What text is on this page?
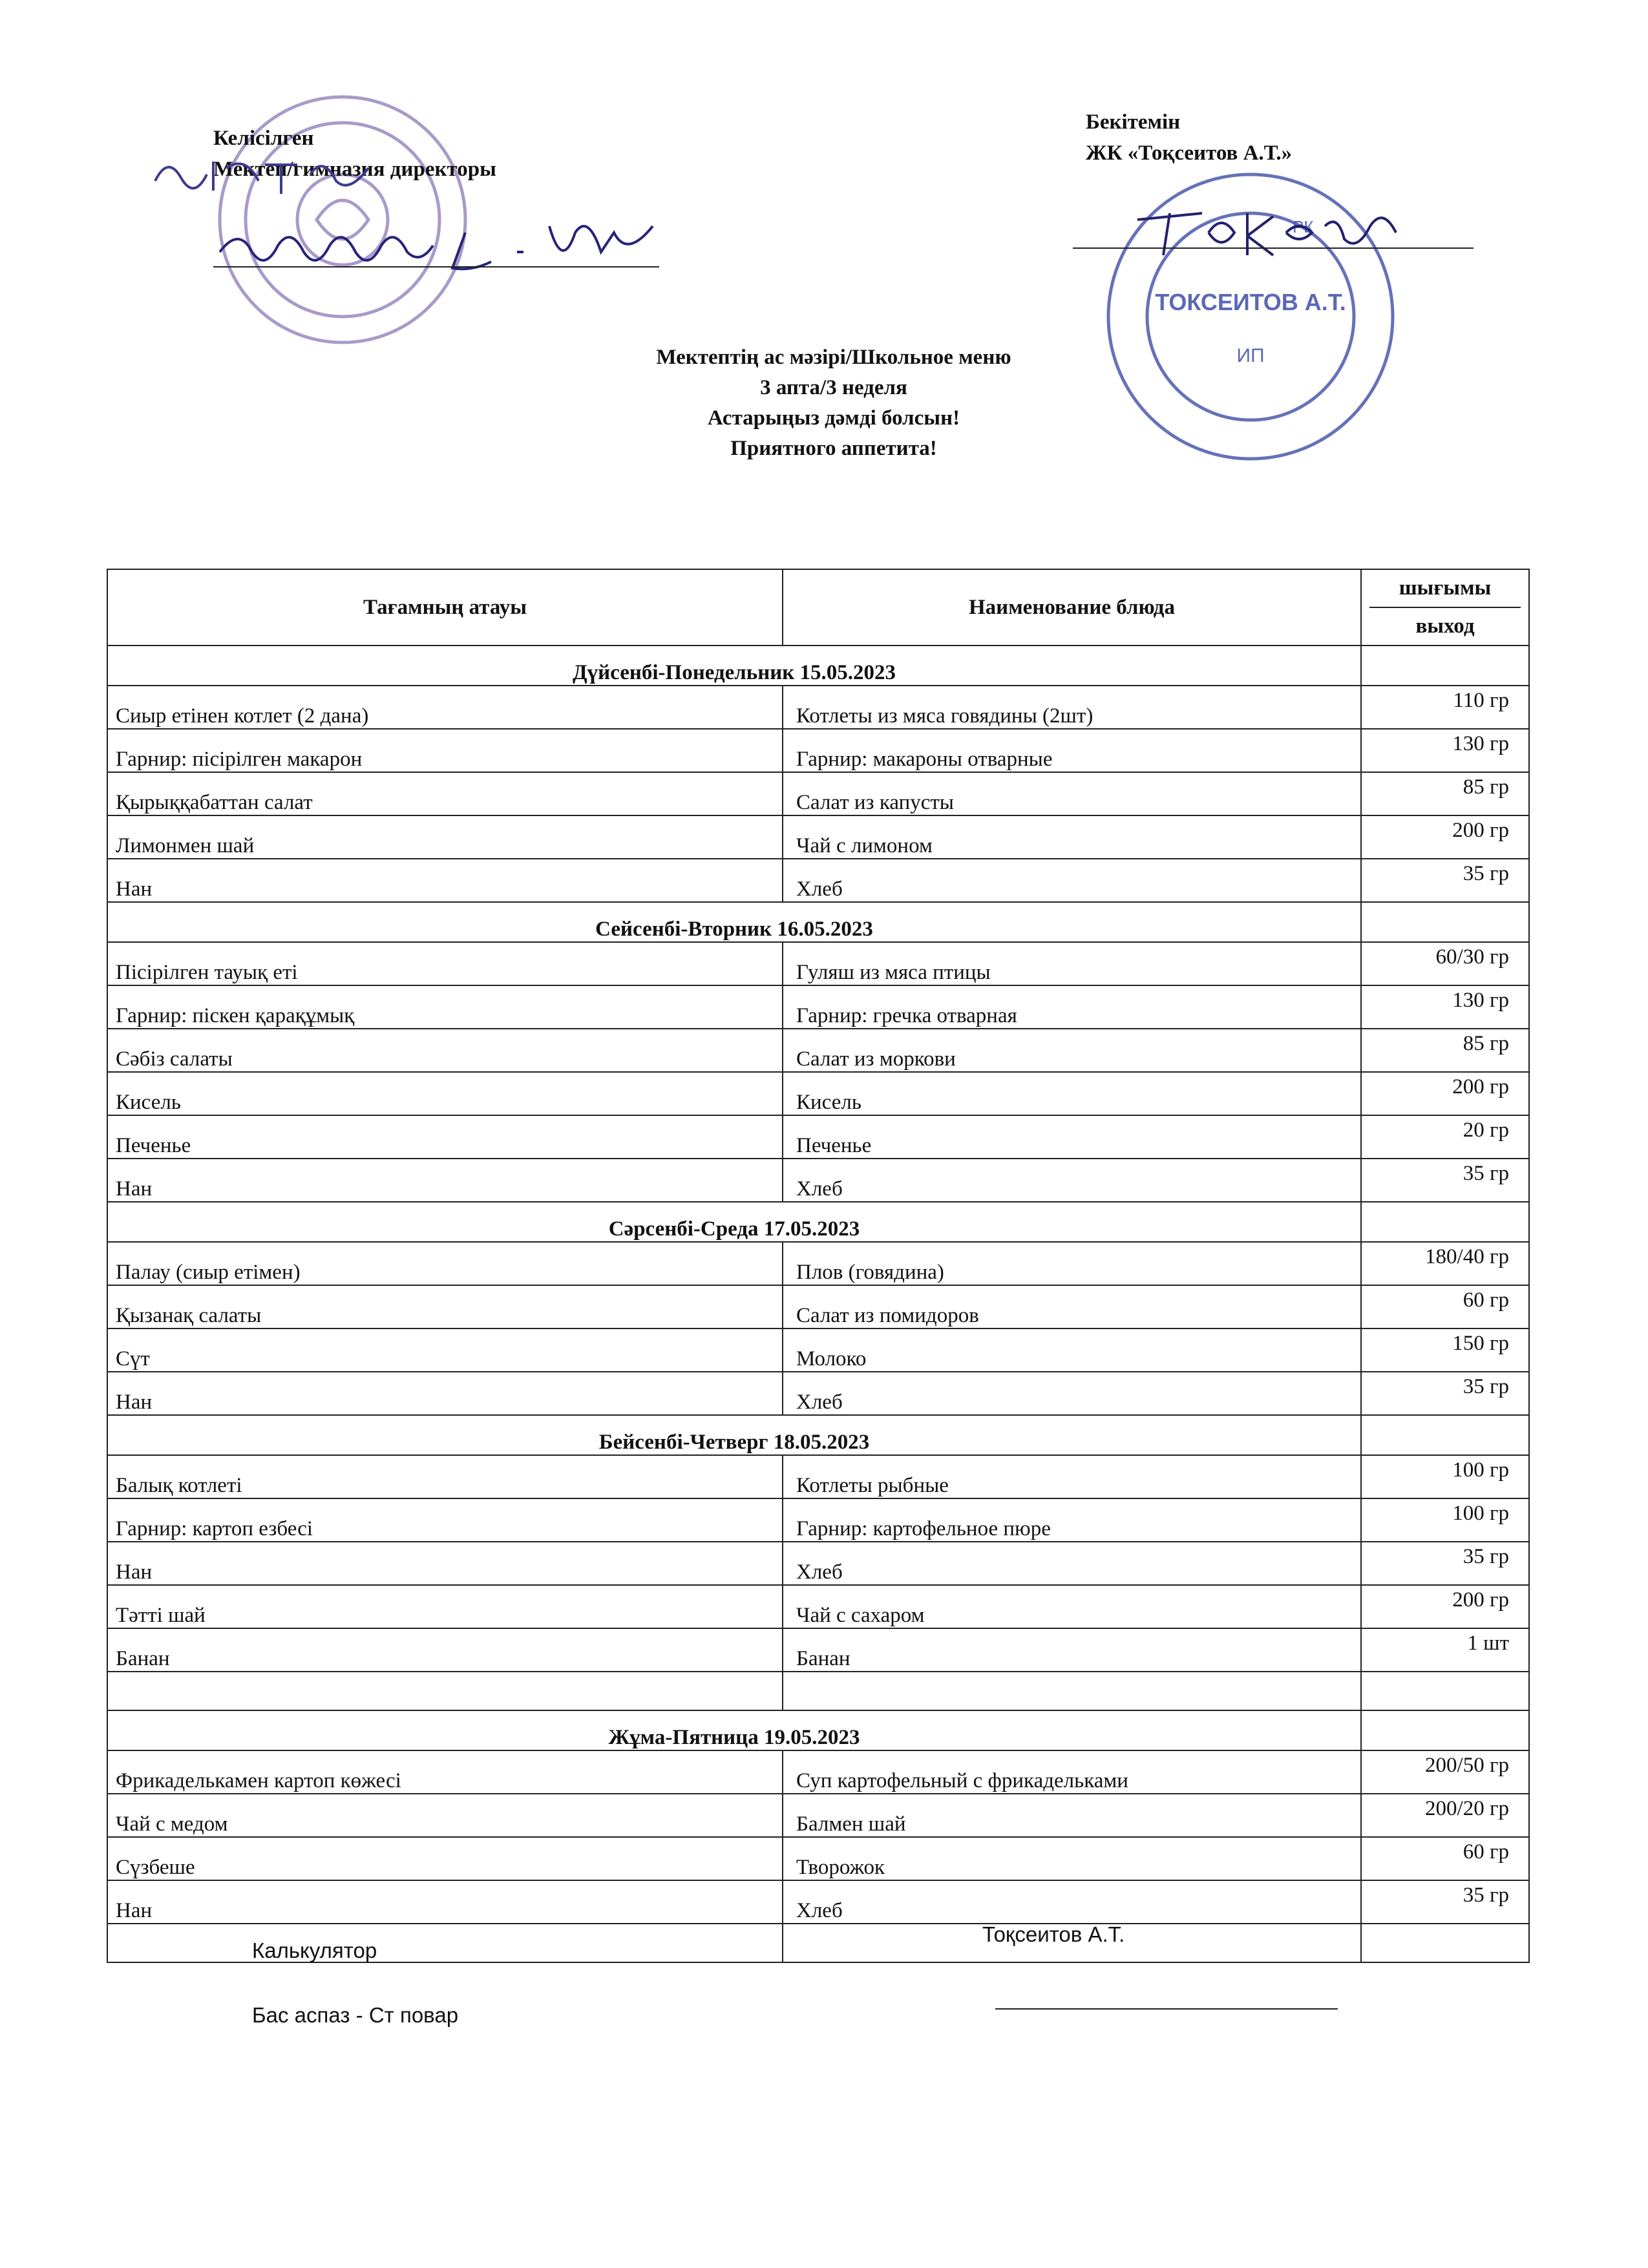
ТОКСЕИТОВ А.Т.
ИП
РК
Келісілген
Мектеп/гимназия директоры
Бекітемін
ЖК «Тоқсеитов А.Т.»
Мектептің ас мәзірі/Школьное меню
3 апта/3 неделя
Астарыңыз дәмді болсын!
Приятного аппетита!
Тағамның атауы	Наименование блюда	шығымы
выход

Дүйсенбі-Понедельник 15.05.2023		
Сиыр етінен котлет (2 дана)	Котлеты из мяса говядины (2шт)	110 гр
Гарнир: пісірілген макарон	Гарнир: макароны отварные	130 гр
Қырыққабаттан салат	Салат из капусты	85 гр
Лимонмен шай	Чай с лимоном	200 гр
Нан	Хлеб	35 гр
Сейсенбі-Вторник 16.05.2023		
Пісірілген тауық еті	Гуляш из мяса птицы	60/30 гр
Гарнир: піскен қарақұмық	Гарнир: гречка отварная	130 гр
Сәбіз салаты	Салат из моркови	85 гр
Кисель	Кисель	200 гр
Печенье	Печенье	20 гр
Нан	Хлеб	35 гр
Сәрсенбі-Среда 17.05.2023		
Палау (сиыр етімен)	Плов (говядина)	180/40 гр
Қызанақ салаты	Салат из помидоров	60 гр
Сүт	Молоко	150 гр
Нан	Хлеб	35 гр
Бейсенбі-Четверг 18.05.2023		
Балық котлеті	Котлеты рыбные	100 гр
Гарнир: картоп езбесі	Гарнир: картофельное пюре	100 гр
Нан	Хлеб	35 гр
Тәтті шай	Чай с сахаром	200 гр
Банан	Банан	1 шт

Жұма-Пятница 19.05.2023		
Фрикаделькамен картоп көжесі	Суп картофельный с фрикадельками	200/50 гр
Чай с медом	Балмен шай	200/20 гр
Сүзбеше	Творожок	60 гр
Нан	Хлеб	35 гр

Калькулятор
Бас аспаз - Ст повар
Тоқсеитов А.Т.
